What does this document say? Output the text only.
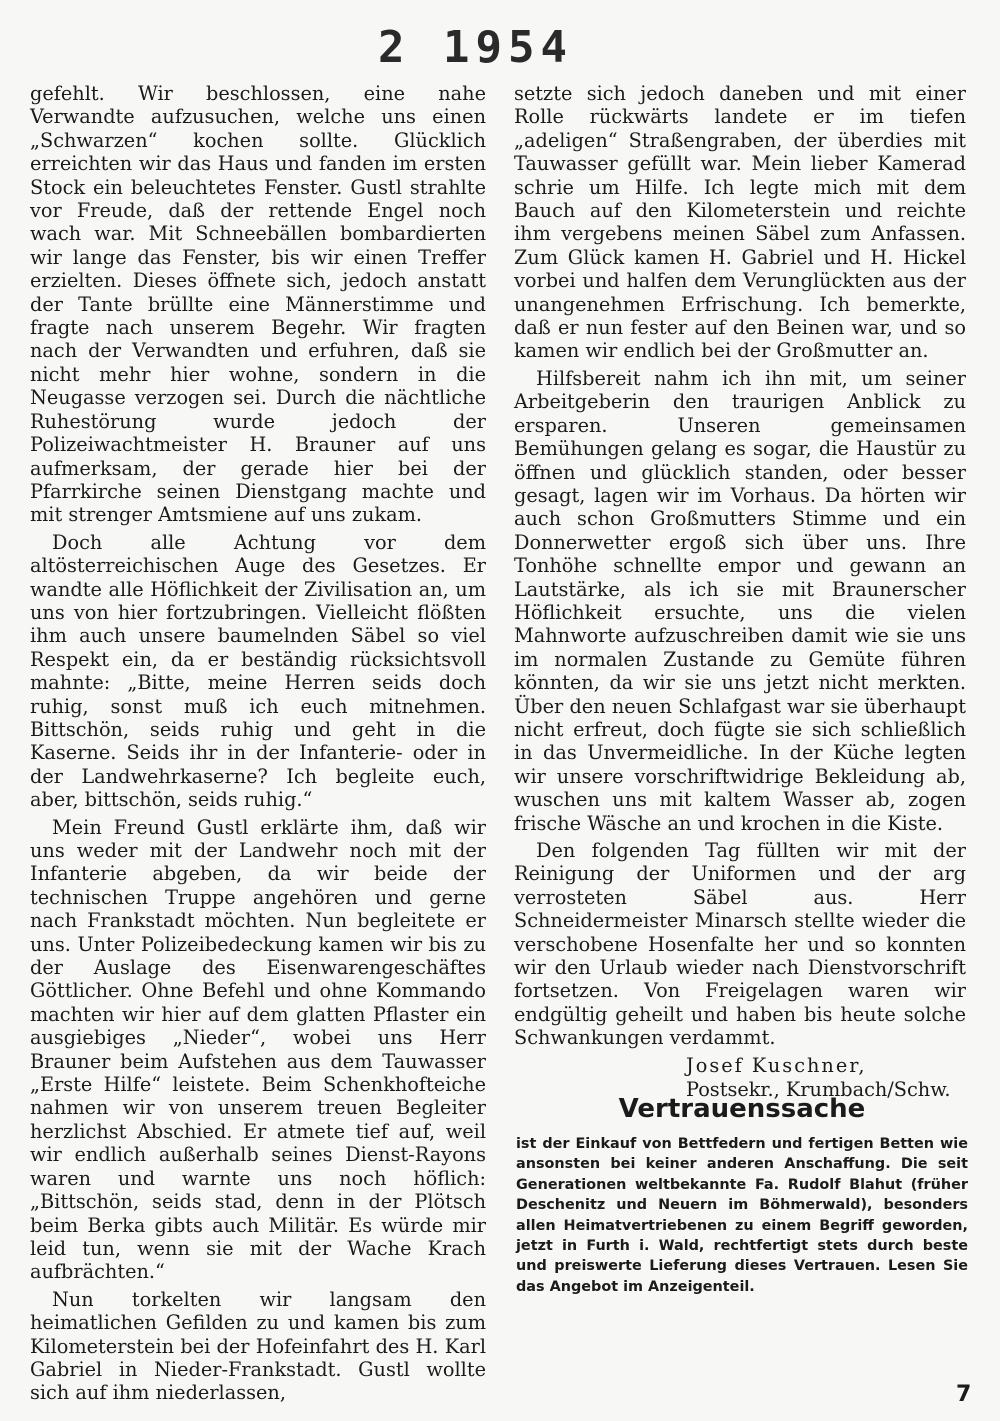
2 1954

gefehlt. Wir beschlossen, eine nahe Verwandte aufzusuchen, welche uns einen „Schwarzen“ kochen sollte. Glücklich erreichten wir das Haus und fanden im ersten Stock ein beleuchtetes Fenster. Gustl strahlte vor Freude, daß der rettende Engel noch wach war. Mit Schneebällen bombardierten wir lange das Fenster, bis wir einen Treffer erzielten. Dieses öffnete sich, jedoch anstatt der Tante brüllte eine Männerstimme und fragte nach unserem Begehr. Wir fragten nach der Verwandten und erfuhren, daß sie nicht mehr hier wohne, sondern in die Neugasse verzogen sei. Durch die nächtliche Ruhestörung wurde jedoch der Polizeiwachtmeister H. Brauner auf uns aufmerksam, der gerade hier bei der Pfarrkirche seinen Dienstgang machte und mit strenger Amtsmiene auf uns zukam.

Doch alle Achtung vor dem altösterreichischen Auge des Gesetzes. Er wandte alle Höflichkeit der Zivilisation an, um uns von hier fortzubringen. Vielleicht flößten ihm auch unsere baumelnden Säbel so viel Respekt ein, da er beständig rücksichtsvoll mahnte: „Bitte, meine Herren seids doch ruhig, sonst muß ich euch mitnehmen. Bittschön, seids ruhig und geht in die Kaserne. Seids ihr in der Infanterie- oder in der Landwehrkaserne? Ich begleite euch, aber, bittschön, seids ruhig.“

Mein Freund Gustl erklärte ihm, daß wir uns weder mit der Landwehr noch mit der Infanterie abgeben, da wir beide der technischen Truppe angehören und gerne nach Frankstadt möchten. Nun begleitete er uns. Unter Polizeibedeckung kamen wir bis zu der Auslage des Eisenwarengeschäftes Göttlicher. Ohne Befehl und ohne Kommando machten wir hier auf dem glatten Pflaster ein ausgiebiges „Nieder“, wobei uns Herr Brauner beim Aufstehen aus dem Tauwasser „Erste Hilfe“ leistete. Beim Schenkhofteiche nahmen wir von unserem treuen Begleiter herzlichst Abschied. Er atmete tief auf, weil wir endlich außerhalb seines Dienst-Rayons waren und warnte uns noch höflich: „Bittschön, seids stad, denn in der Plötsch beim Berka gibts auch Militär. Es würde mir leid tun, wenn sie mit der Wache Krach aufbrächten.“

Nun torkelten wir langsam den heimatlichen Gefilden zu und kamen bis zum Kilometerstein bei der Hofeinfahrt des H. Karl Gabriel in Nieder-Frankstadt. Gustl wollte sich auf ihm niederlassen,

setzte sich jedoch daneben und mit einer Rolle rückwärts landete er im tiefen „adeligen“ Straßengraben, der überdies mit Tauwasser gefüllt war. Mein lieber Kamerad schrie um Hilfe. Ich legte mich mit dem Bauch auf den Kilometerstein und reichte ihm vergebens meinen Säbel zum Anfassen. Zum Glück kamen H. Gabriel und H. Hickel vorbei und halfen dem Verunglückten aus der unangenehmen Erfrischung. Ich bemerkte, daß er nun fester auf den Beinen war, und so kamen wir endlich bei der Großmutter an.

Hilfsbereit nahm ich ihn mit, um seiner Arbeitgeberin den traurigen Anblick zu ersparen. Unseren gemeinsamen Bemühungen gelang es sogar, die Haustür zu öffnen und glücklich standen, oder besser gesagt, lagen wir im Vorhaus. Da hörten wir auch schon Großmutters Stimme und ein Donnerwetter ergoß sich über uns. Ihre Tonhöhe schnellte empor und gewann an Lautstärke, als ich sie mit Braunerscher Höflichkeit ersuchte, uns die vielen Mahnworte aufzuschreiben damit wie sie uns im normalen Zustande zu Gemüte führen könnten, da wir sie uns jetzt nicht merkten. Über den neuen Schlafgast war sie überhaupt nicht erfreut, doch fügte sie sich schließlich in das Unvermeidliche. In der Küche legten wir unsere vorschriftwidrige Bekleidung ab, wuschen uns mit kaltem Wasser ab, zogen frische Wäsche an und krochen in die Kiste.

Den folgenden Tag füllten wir mit der Reinigung der Uniformen und der arg verrosteten Säbel aus. Herr Schneidermeister Minarsch stellte wieder die verschobene Hosenfalte her und so konnten wir den Urlaub wieder nach Dienstvorschrift fortsetzen. Von Freigelagen waren wir endgültig geheilt und haben bis heute solche Schwankungen verdammt.

Josef Kuschner,
Postsekr., Krumbach/Schw.
Vertrauenssache

ist der Einkauf von Bettfedern und fertigen Betten wie ansonsten bei keiner anderen Anschaffung. Die seit Generationen weltbekannte Fa. Rudolf Blahut (früher Deschenitz und Neuern im Böhmerwald), besonders allen Heimatvertriebenen zu einem Begriff geworden, jetzt in Furth i. Wald, rechtfertigt stets durch beste und preiswerte Lieferung dieses Vertrauen. Lesen Sie das Angebot im Anzeigenteil.

7
